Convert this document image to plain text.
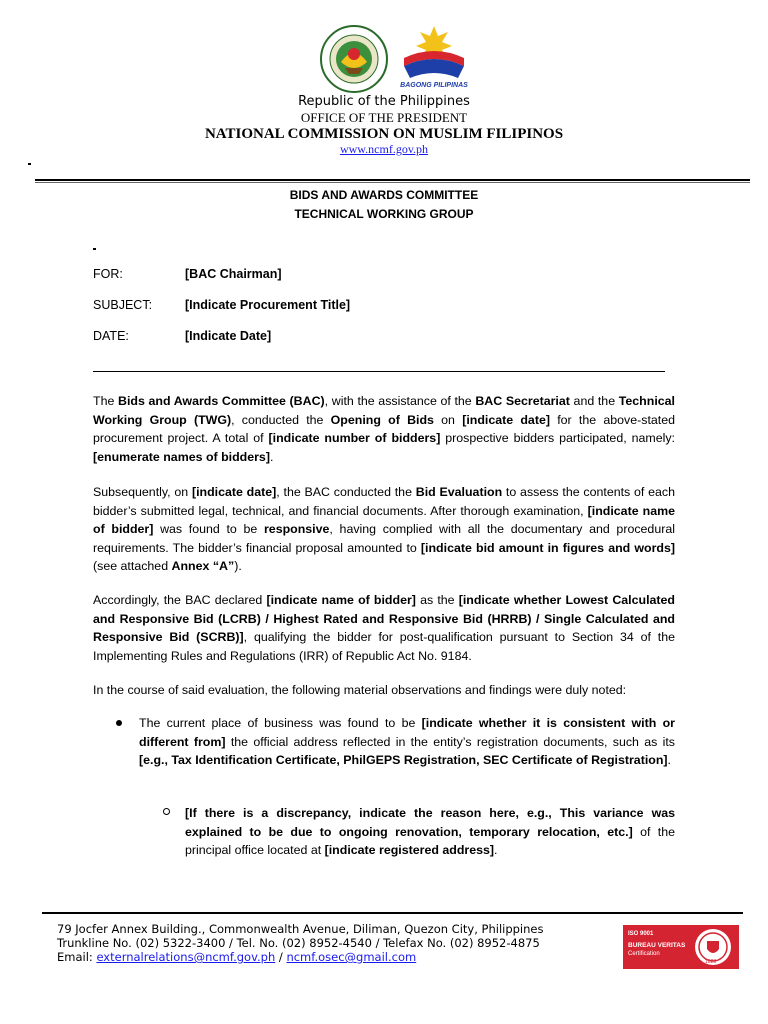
BAGONG PILIPINAS
Republic of the Philippines
OFFICE OF THE PRESIDENT
NATIONAL COMMISSION ON MUSLIM FILIPINOS
www.ncmf.gov.ph
BIDS AND AWARDS COMMITTEE
TECHNICAL WORKING GROUP
FOR:	[BAC Chairman]
SUBJECT:	[Indicate Procurement Title]
DATE:	[Indicate Date]

The Bids and Awards Committee (BAC), with the assistance of the BAC Secretariat and the Technical Working Group (TWG), conducted the Opening of Bids on [indicate date] for the above-stated procurement project. A total of [indicate number of bidders] prospective bidders participated, namely: [enumerate names of bidders].

Subsequently, on [indicate date], the BAC conducted the Bid Evaluation to assess the contents of each bidder’s submitted legal, technical, and financial documents. After thorough examination, [indicate name of bidder] was found to be responsive, having complied with all the documentary and procedural requirements. The bidder’s financial proposal amounted to [indicate bid amount in figures and words] (see attached Annex “A”).

Accordingly, the BAC declared [indicate name of bidder] as the [indicate whether Lowest Calculated and Responsive Bid (LCRB) / Highest Rated and Responsive Bid (HRRB) / Single Calculated and Responsive Bid (SCRB)], qualifying the bidder for post-qualification pursuant to Section 34 of the Implementing Rules and Regulations (IRR) of Republic Act No. 9184.

In the course of said evaluation, the following material observations and findings were duly noted:

The current place of business was found to be [indicate whether it is consistent with or different from] the official address reflected in the entity’s registration documents, such as its [e.g., Tax Identification Certificate, PhilGEPS Registration, SEC Certificate of Registration].

[If there is a discrepancy, indicate the reason here, e.g., This variance was explained to be due to ongoing renovation, temporary relocation, etc.] of the principal office located at [indicate registered address].

79 Jocfer Annex Building., Commonwealth Avenue, Diliman, Quezon City, Philippines
Trunkline No. (02) 5322-3400 / Tel. No. (02) 8952-4540 / Telefax No. (02) 8952-4875
Email: externalrelations@ncmf.gov.ph / ncmf.osec@gmail.com
ISO 9001
BUREAU VERITAS
Certification
1828
